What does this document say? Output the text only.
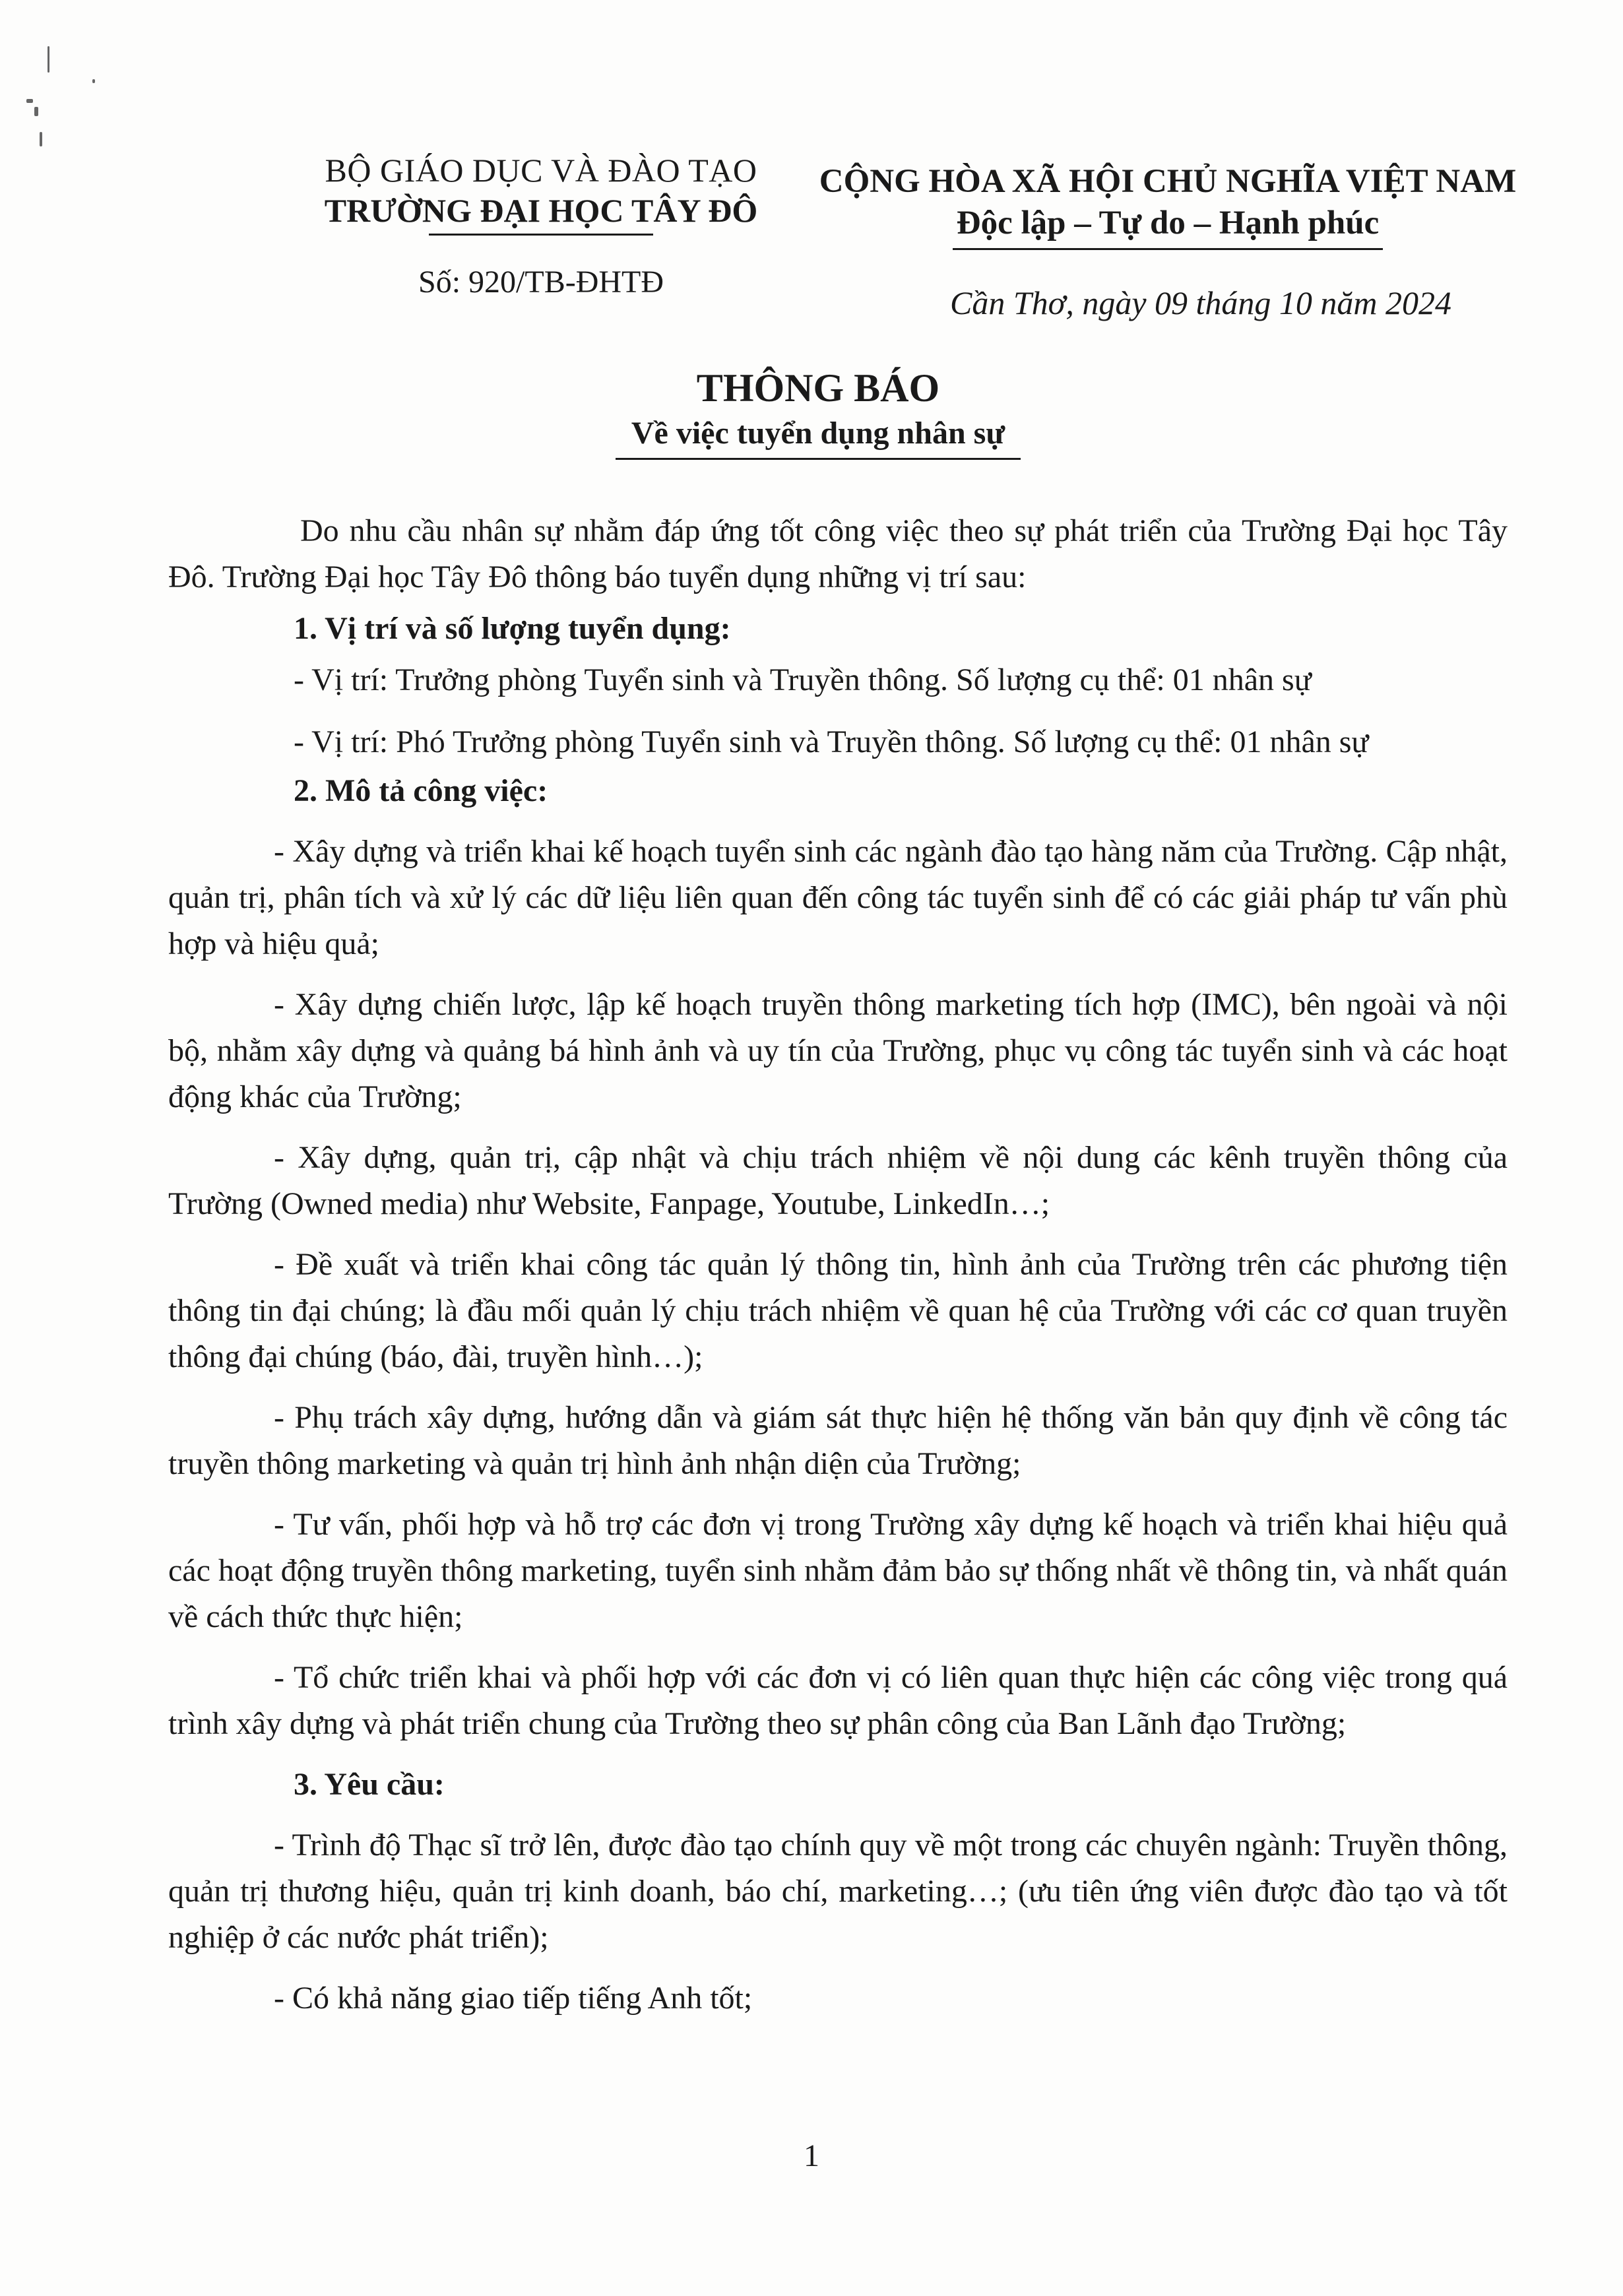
BỘ GIÁO DỤC VÀ ĐÀO TẠO
TRƯỜNG ĐẠI HỌC TÂY ĐÔ
Số: 920/TB-ĐHTĐ
CỘNG HÒA XÃ HỘI CHỦ NGHĨA VIỆT NAM
Độc lập – Tự do – Hạnh phúc
Cần Thơ, ngày 09 tháng 10 năm 2024
THÔNG BÁO
Về việc tuyển dụng nhân sự

Do nhu cầu nhân sự nhằm đáp ứng tốt công việc theo sự phát triển của Trường Đại học Tây Đô. Trường Đại học Tây Đô thông báo tuyển dụng những vị trí sau:

1. Vị trí và số lượng tuyển dụng:

- Vị trí: Trưởng phòng Tuyển sinh và Truyền thông. Số lượng cụ thể: 01 nhân sự

- Vị trí: Phó Trưởng phòng Tuyển sinh và Truyền thông. Số lượng cụ thể: 01 nhân sự

2. Mô tả công việc:

- Xây dựng và triển khai kế hoạch tuyển sinh các ngành đào tạo hàng năm của Trường. Cập nhật, quản trị, phân tích và xử lý các dữ liệu liên quan đến công tác tuyển sinh để có các giải pháp tư vấn phù hợp và hiệu quả;

- Xây dựng chiến lược, lập kế hoạch truyền thông marketing tích hợp (IMC), bên ngoài và nội bộ, nhằm xây dựng và quảng bá hình ảnh và uy tín của Trường, phục vụ công tác tuyển sinh và các hoạt động khác của Trường;

- Xây dựng, quản trị, cập nhật và chịu trách nhiệm về nội dung các kênh truyền thông của Trường (Owned media) như Website, Fanpage, Youtube, LinkedIn…;

- Đề xuất và triển khai công tác quản lý thông tin, hình ảnh của Trường trên các phương tiện thông tin đại chúng; là đầu mối quản lý chịu trách nhiệm về quan hệ của Trường với các cơ quan truyền thông đại chúng (báo, đài, truyền hình…);

- Phụ trách xây dựng, hướng dẫn và giám sát thực hiện hệ thống văn bản quy định về công tác truyền thông marketing và quản trị hình ảnh nhận diện của Trường;

- Tư vấn, phối hợp và hỗ trợ các đơn vị trong Trường xây dựng kế hoạch và triển khai hiệu quả các hoạt động truyền thông marketing, tuyển sinh nhằm đảm bảo sự thống nhất về thông tin, và nhất quán về cách thức thực hiện;

- Tổ chức triển khai và phối hợp với các đơn vị có liên quan thực hiện các công việc trong quá trình xây dựng và phát triển chung của Trường theo sự phân công của Ban Lãnh đạo Trường;

3. Yêu cầu:

- Trình độ Thạc sĩ trở lên, được đào tạo chính quy về một trong các chuyên ngành: Truyền thông, quản trị thương hiệu, quản trị kinh doanh, báo chí, marketing…; (ưu tiên ứng viên được đào tạo và tốt nghiệp ở các nước phát triển);

- Có khả năng giao tiếp tiếng Anh tốt;

1
